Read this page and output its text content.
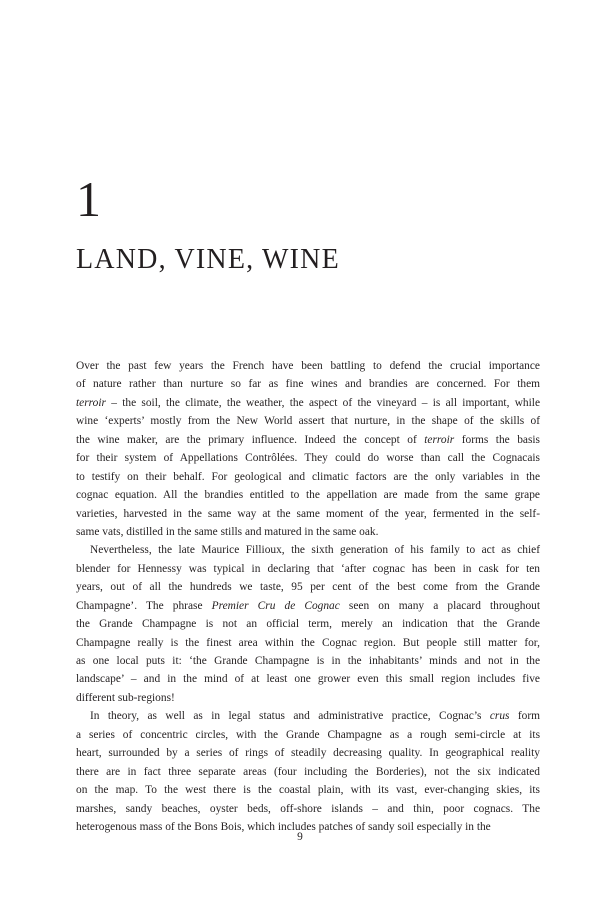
1
LAND, VINE, WINE
Over the past few years the French have been battling to defend the crucial importance
of nature rather than nurture so far as fine wines and brandies are concerned. For them
terroir – the soil, the climate, the weather, the aspect of the vineyard – is all important, while
wine ‘experts’ mostly from the New World assert that nurture, in the shape of the skills of
the wine maker, are the primary influence. Indeed the concept of terroir forms the basis
for their system of Appellations Contrôlées. They could do worse than call the Cognacais
to testify on their behalf. For geological and climatic factors are the only variables in the
cognac equation. All the brandies entitled to the appellation are made from the same grape
varieties, harvested in the same way at the same moment of the year, fermented in the self-
same vats, distilled in the same stills and matured in the same oak.
Nevertheless, the late Maurice Fillioux, the sixth generation of his family to act as chief
blender for Hennessy was typical in declaring that ‘after cognac has been in cask for ten
years, out of all the hundreds we taste, 95 per cent of the best come from the Grande
Champagne’. The phrase Premier Cru de Cognac seen on many a placard throughout
the Grande Champagne is not an official term, merely an indication that the Grande
Champagne really is the finest area within the Cognac region. But people still matter for,
as one local puts it: ‘the Grande Champagne is in the inhabitants’ minds and not in the
landscape’ – and in the mind of at least one grower even this small region includes five
different sub-regions!
In theory, as well as in legal status and administrative practice, Cognac’s crus form
a series of concentric circles, with the Grande Champagne as a rough semi-circle at its
heart, surrounded by a series of rings of steadily decreasing quality. In geographical reality
there are in fact three separate areas (four including the Borderies), not the six indicated
on the map. To the west there is the coastal plain, with its vast, ever-changing skies, its
marshes, sandy beaches, oyster beds, off-shore islands – and thin, poor cognacs. The
heterogenous mass of the Bons Bois, which includes patches of sandy soil especially in the
9
